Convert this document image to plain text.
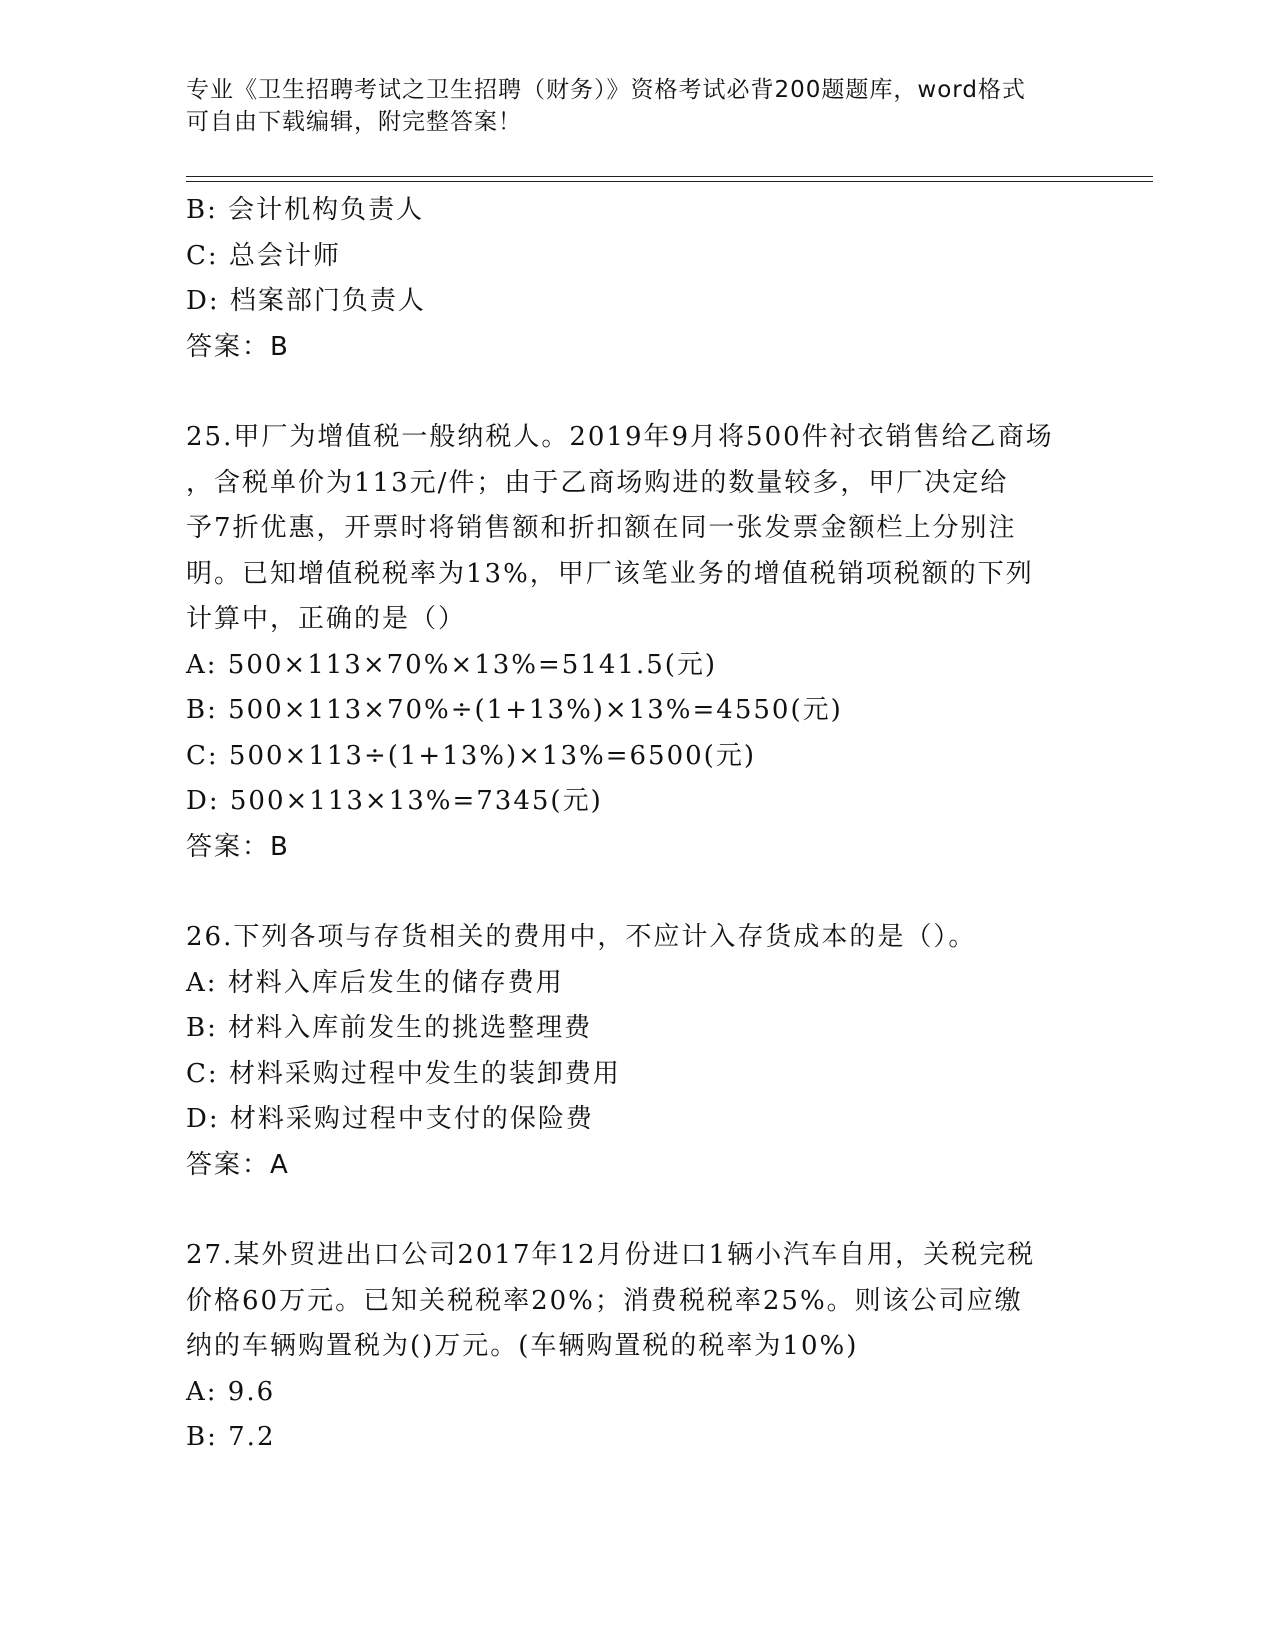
专业《卫生招聘考试之卫生招聘（财务）》资格考试必背200题题库，word格式
可自由下载编辑，附完整答案！
B: 会计机构负责人
C: 总会计师
D: 档案部门负责人
答案：B
25.甲厂为增值税一般纳税人。2019年9月将500件衬衣销售给乙商场
，含税单价为113元/件；由于乙商场购进的数量较多，甲厂决定给
予7折优惠，开票时将销售额和折扣额在同一张发票金额栏上分别注
明。已知增值税税率为13%，甲厂该笔业务的增值税销项税额的下列
计算中，正确的是（）
A: 500×113×70%×13%=5141.5(元)
B: 500×113×70%÷(1+13%)×13%=4550(元)
C: 500×113÷(1+13%)×13%=6500(元)
D: 500×113×13%=7345(元)
答案：B
26.下列各项与存货相关的费用中，不应计入存货成本的是（）。
A: 材料入库后发生的储存费用
B: 材料入库前发生的挑选整理费
C: 材料采购过程中发生的装卸费用
D: 材料采购过程中支付的保险费
答案：A
27.某外贸进出口公司2017年12月份进口1辆小汽车自用，关税完税
价格60万元。已知关税税率20%；消费税税率25%。则该公司应缴
纳的车辆购置税为()万元。(车辆购置税的税率为10%)
A: 9.6
B: 7.2
